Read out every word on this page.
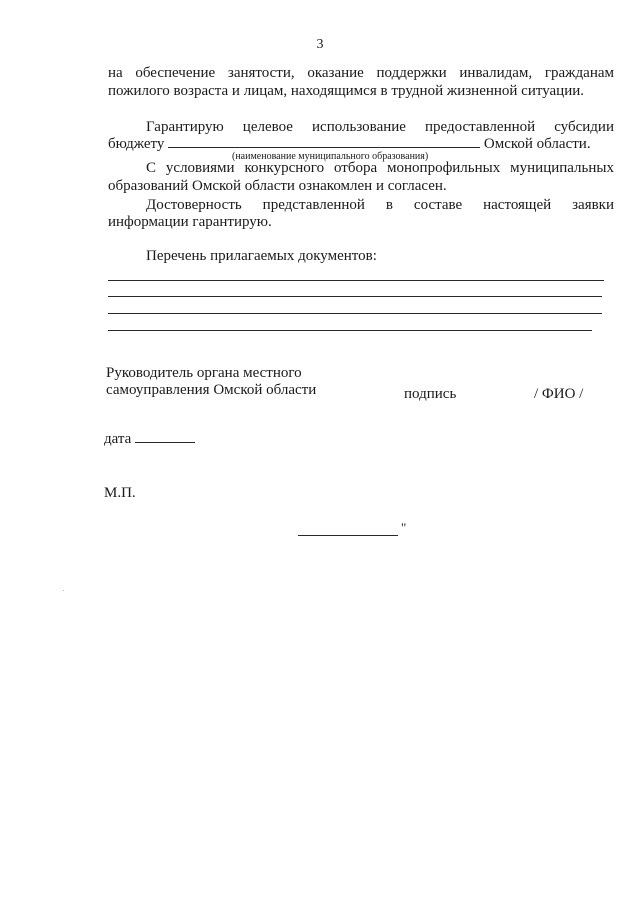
3
на обеспечение занятости, оказание поддержки инвалидам, гражданам
пожилого возраста и лицам, находящимся в трудной жизненной ситуации.
Гарантирую целевое использование предоставленной субсидии
бюджету	Омской области.
(наименование муниципального образования)
С условиями конкурсного отбора монопрофильных муниципальных
образований Омской области ознакомлен и согласен.
Достоверность представленной в составе настоящей заявки
информации гарантирую.
Перечень прилагаемых документов:
Руководитель органа местного
самоуправления Омской области	подпись	/ ФИО /
дата
М.П.
"
